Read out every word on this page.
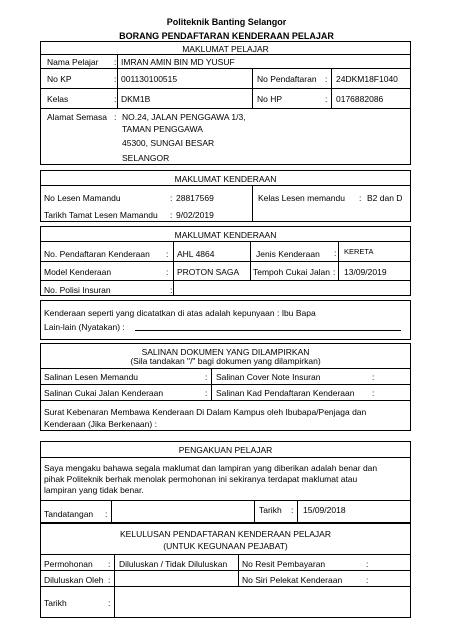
Politeknik Banting Selangor
BORANG PENDAFTARAN KENDERAAN PELAJAR
MAKLUMAT PELAJAR
Nama Pelajar	IMRAN AMIN BIN MD YUSUF
No KP	001130100515	No Pendaftaran : 24DKM18F1040
Kelas	DKM1B	No HP	: 0176882086
Alamat Semasa : NO.24, JALAN PENGGAWA 1/3,
TAMAN PENGGAWA
45300, SUNGAI BESAR
SELANGOR
MAKLUMAT KENDERAAN
No Lesen Mamandu	: 28817569	Kelas Lesen memandu : B2 dan D
Tarikh Tamat Lesen Mamandu : 9/02/2019
MAKLUMAT KENDERAAN
No. Pendaftaran Kenderaan : AHL 4864	Jenis Kenderaan : KERETA
Model Kenderaan	: PROTON SAGA Tempoh Cukai Jalan : 13/09/2019
No. Polisi Insuran	:
Kenderaan seperti yang dicatatkan di atas adalah kepunyaan : Ibu Bapa
Lain-lain (Nyatakan) :
SALINAN DOKUMEN YANG DILAMPIRKAN
(Sila tandakan "/" bagi dokumen yang dilampirkan)
Salinan Lesen Memandu	: Salinan Cover Note Insuran	:
Salinan Cukai Jalan Kenderaan	: Salinan Kad Pendaftaran Kenderaan :
Surat Kebenaran Membawa Kenderaan Di Dalam Kampus oleh Ibubapa/Penjaga dan
Kenderaan (Jika Berkenaan) :
PENGAKUAN PELAJAR
Saya mengaku bahawa segala maklumat dan lampiran yang diberikan adalah benar dan
pihak Politeknik berhak menolak permohonan ini sekiranya terdapat maklumat atau
lampiran yang tidak benar.
Tandatangan :	Tarikh : 15/09/2018
KELULUSAN PENDAFTARAN KENDERAAN PELAJAR
(UNTUK KEGUNAAN PEJABAT)
Permohonan : Diluluskan / Tidak Diluluskan No Resit Pembayaran	:
Diluluskan Oleh :	No Siri Pelekat Kenderaan	:
Tarikh	:
:
:
:
